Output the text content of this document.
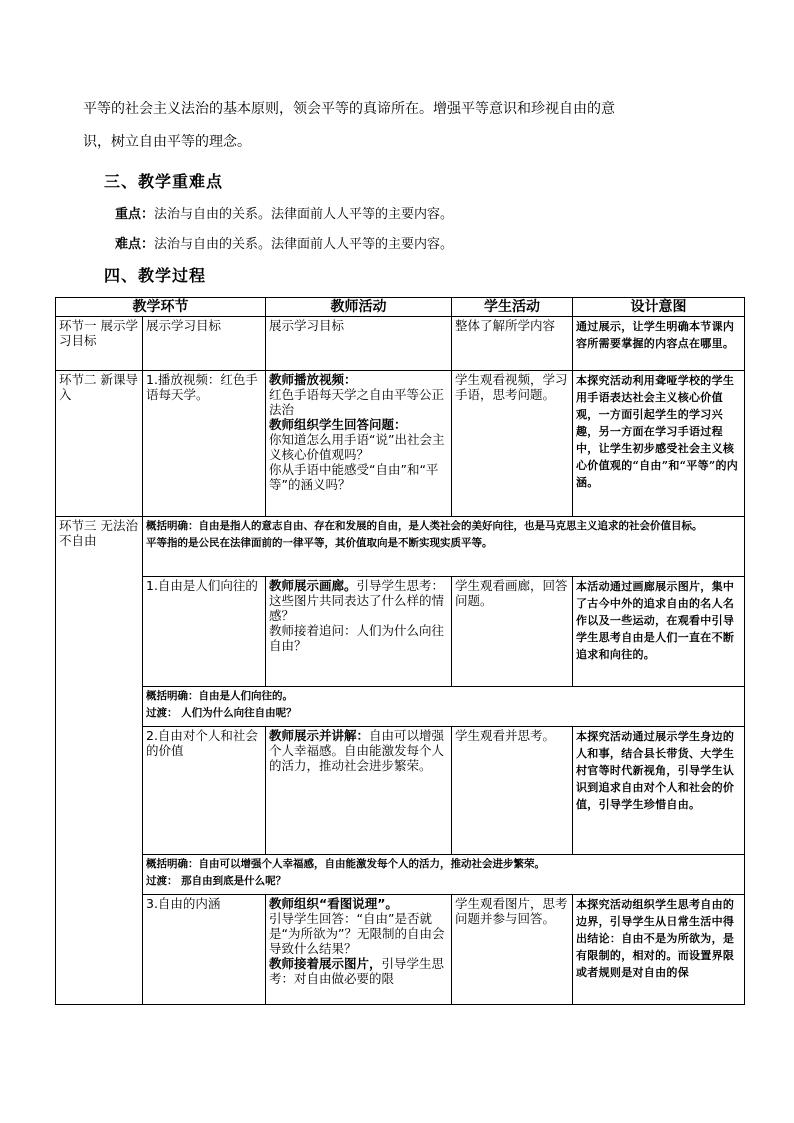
平等的社会主义法治的基本原则，领会平等的真谛所在。增强平等意识和珍视自由的意
识，树立自由平等的理念。
三、教学重难点
重点：法治与自由的关系。法律面前人人平等的主要内容。
难点：法治与自由的关系。法律面前人人平等的主要内容。
四、教学过程
教学环节		教师活动	学生活动	设计意图
环节一 展示学习目标	展示学习目标	展示学习目标	整体了解所学内容	通过展示，让学生明确本节课内容所需要掌握的内容点在哪里。
环节二 新课导入	1.播放视频：红色手语每天学。	教师播放视频：
红色手语每天学之自由平等公正法治
教师组织学生回答问题：
你知道怎么用手语“说”出社会主义核心价值观吗？
你从手语中能感受“自由”和“平等”的涵义吗？	学生观看视频，学习手语，思考问题。	本探究活动利用聋哑学校的学生用手语表达社会主义核心价值观，一方面引起学生的学习兴趣，另一方面在学习手语过程中，让学生初步感受社会主义核心价值观的“自由”和“平等”的内涵。
环节三 无法治不自由	概括明确：自由是指人的意志自由、存在和发展的自由，是人类社会的美好向往，也是马克思主义追求的社会价值目标。
平等指的是公民在法律面前的一律平等，其价值取向是不断实现实质平等。			

	1.自由是人们向往的	教师展示画廊。引导学生思考：这些图片共同表达了什么样的情感？
教师接着追问：人们为什么向往自由？	学生观看画廊，回答问题。	本活动通过画廊展示图片，集中了古今中外的追求自由的名人名作以及一些运动，在观看中引导学生思考自由是人们一直在不断追求和向往的。

	概括明确：自由是人们向往的。
过渡： 人们为什么向往自由呢？			

	2.自由对个人和社会的价值	教师展示并讲解：自由可以增强个人幸福感。自由能激发每个人的活力，推动社会进步繁荣。	学生观看并思考。	本探究活动通过展示学生身边的人和事，结合县长带货、大学生村官等时代新视角，引导学生认识到追求自由对个人和社会的价值，引导学生珍惜自由。

	概括明确：自由可以增强个人幸福感，自由能激发每个人的活力，推动社会进步繁荣。
过渡： 那自由到底是什么呢？			

	3.自由的内涵	教师组织“看图说理”。
引导学生回答：“自由”是否就是“为所欲为”？无限制的自由会导致什么结果？
教师接着展示图片，引导学生思考：对自由做必要的限	学生观看图片，思考问题并参与回答。	本探究活动组织学生思考自由的边界，引导学生从日常生活中得出结论：自由不是为所欲为，是有限制的，相对的。而设置界限或者规则是对自由的保
